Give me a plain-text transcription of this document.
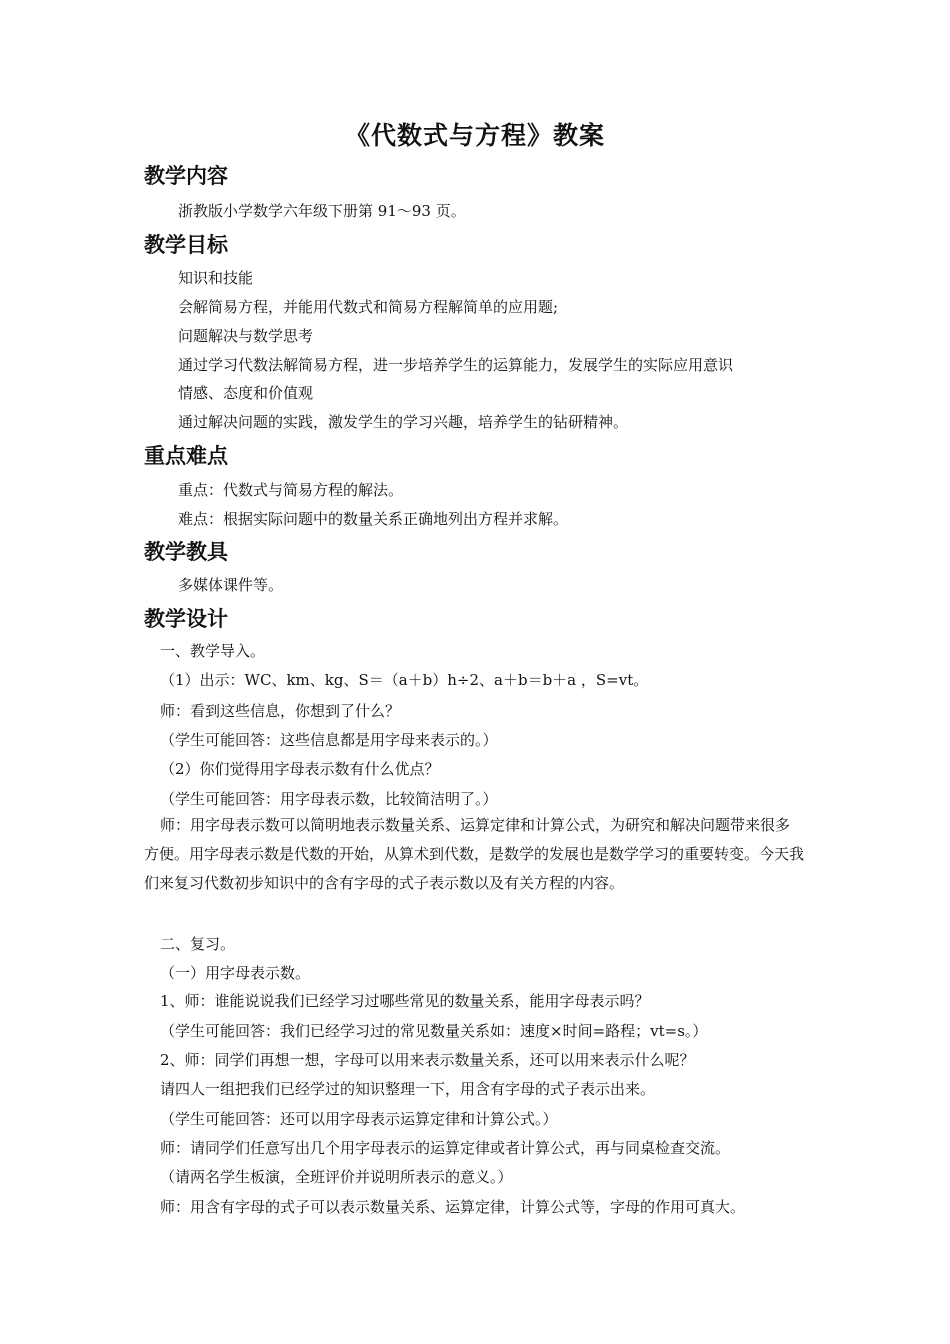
《代数式与方程》教案
教学内容
浙教版小学数学六年级下册第 91～93 页。
教学目标
知识和技能
会解简易方程，并能用代数式和简易方程解简单的应用题;
问题解决与数学思考
通过学习代数法解简易方程，进一步培养学生的运算能力，发展学生的实际应用意识
情感、态度和价值观
通过解决问题的实践，激发学生的学习兴趣，培养学生的钻研精神。
重点难点
重点：代数式与简易方程的解法。
难点：根据实际问题中的数量关系正确地列出方程并求解。
教学教具
多媒体课件等。
教学设计
一、教学导入。
（1）出示：WC、km、kg、S＝（a＋b）h÷2、a＋b＝b＋a ，S=vt。
师：看到这些信息，你想到了什么？
（学生可能回答：这些信息都是用字母来表示的。）
（2）你们觉得用字母表示数有什么优点？
（学生可能回答：用字母表示数，比较简洁明了。）
师：用字母表示数可以简明地表示数量关系、运算定律和计算公式，为研究和解决问题带来很多方便。用字母表示数是代数的开始，从算术到代数，是数学的发展也是数学学习的重要转变。今天我们来复习代数初步知识中的含有字母的式子表示数以及有关方程的内容。
二、复习。
（一）用字母表示数。
1、师：谁能说说我们已经学习过哪些常见的数量关系，能用字母表示吗？
（学生可能回答：我们已经学习过的常见数量关系如：速度×时间=路程；vt=s。）
2、师：同学们再想一想，字母可以用来表示数量关系，还可以用来表示什么呢？
请四人一组把我们已经学过的知识整理一下，用含有字母的式子表示出来。
（学生可能回答：还可以用字母表示运算定律和计算公式。）
师：请同学们任意写出几个用字母表示的运算定律或者计算公式，再与同桌检查交流。
（请两名学生板演，全班评价并说明所表示的意义。）
师：用含有字母的式子可以表示数量关系、运算定律，计算公式等，字母的作用可真大。
